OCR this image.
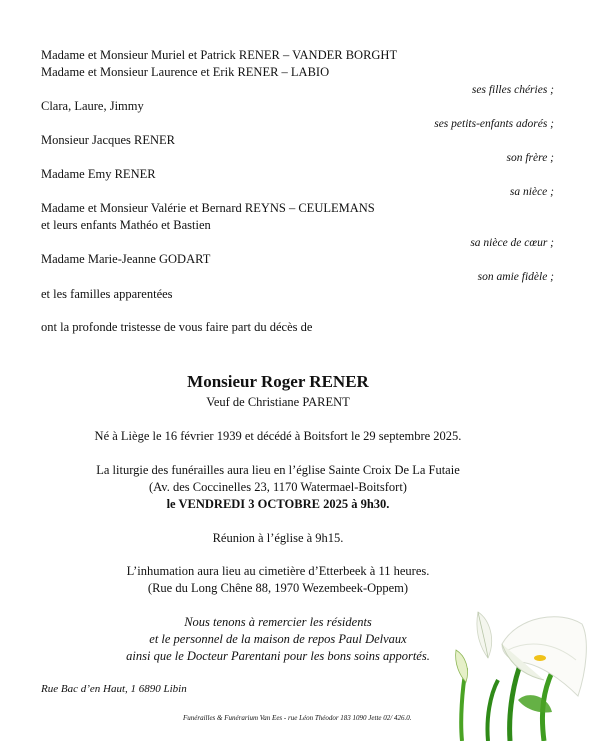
Madame et Monsieur Muriel et Patrick RENER – VANDER BORGHT
Madame et Monsieur Laurence et Erik RENER – LABIO
ses filles chéries ;
Clara, Laure, Jimmy
ses petits-enfants adorés ;
Monsieur Jacques RENER
son frère ;
Madame Emy RENER
sa nièce ;
Madame et Monsieur Valérie et Bernard REYNS – CEULEMANS
et leurs enfants Mathéo et Bastien
sa nièce de cœur ;
Madame Marie-Jeanne GODART
son amie fidèle ;
et les familles apparentées
ont la profonde tristesse de vous faire part du décès de
Monsieur Roger RENER
Veuf de Christiane PARENT
Né à Liège le 16 février 1939 et décédé à Boitsfort le 29 septembre 2025.
La liturgie des funérailles aura lieu en l’église Sainte Croix De La Futaie
(Av. des Coccinelles 23, 1170 Watermael-Boitsfort)
le VENDREDI 3 OCTOBRE 2025 à 9h30.
Réunion à l’église à 9h15.
L’inhumation aura lieu au cimetière d’Etterbeek à 11 heures.
(Rue du Long Chêne 88, 1970 Wezembeek-Oppem)
Nous tenons à remercier les résidents
et le personnel de la maison de repos Paul Delvaux
ainsi que le Docteur Parentani pour les bons soins apportés.
Rue Bac d’en Haut, 1 6890 Libin
Funérailles & Funérarium Van Ees - rue Léon Théodor 183 1090 Jette 02/ 426.0.
